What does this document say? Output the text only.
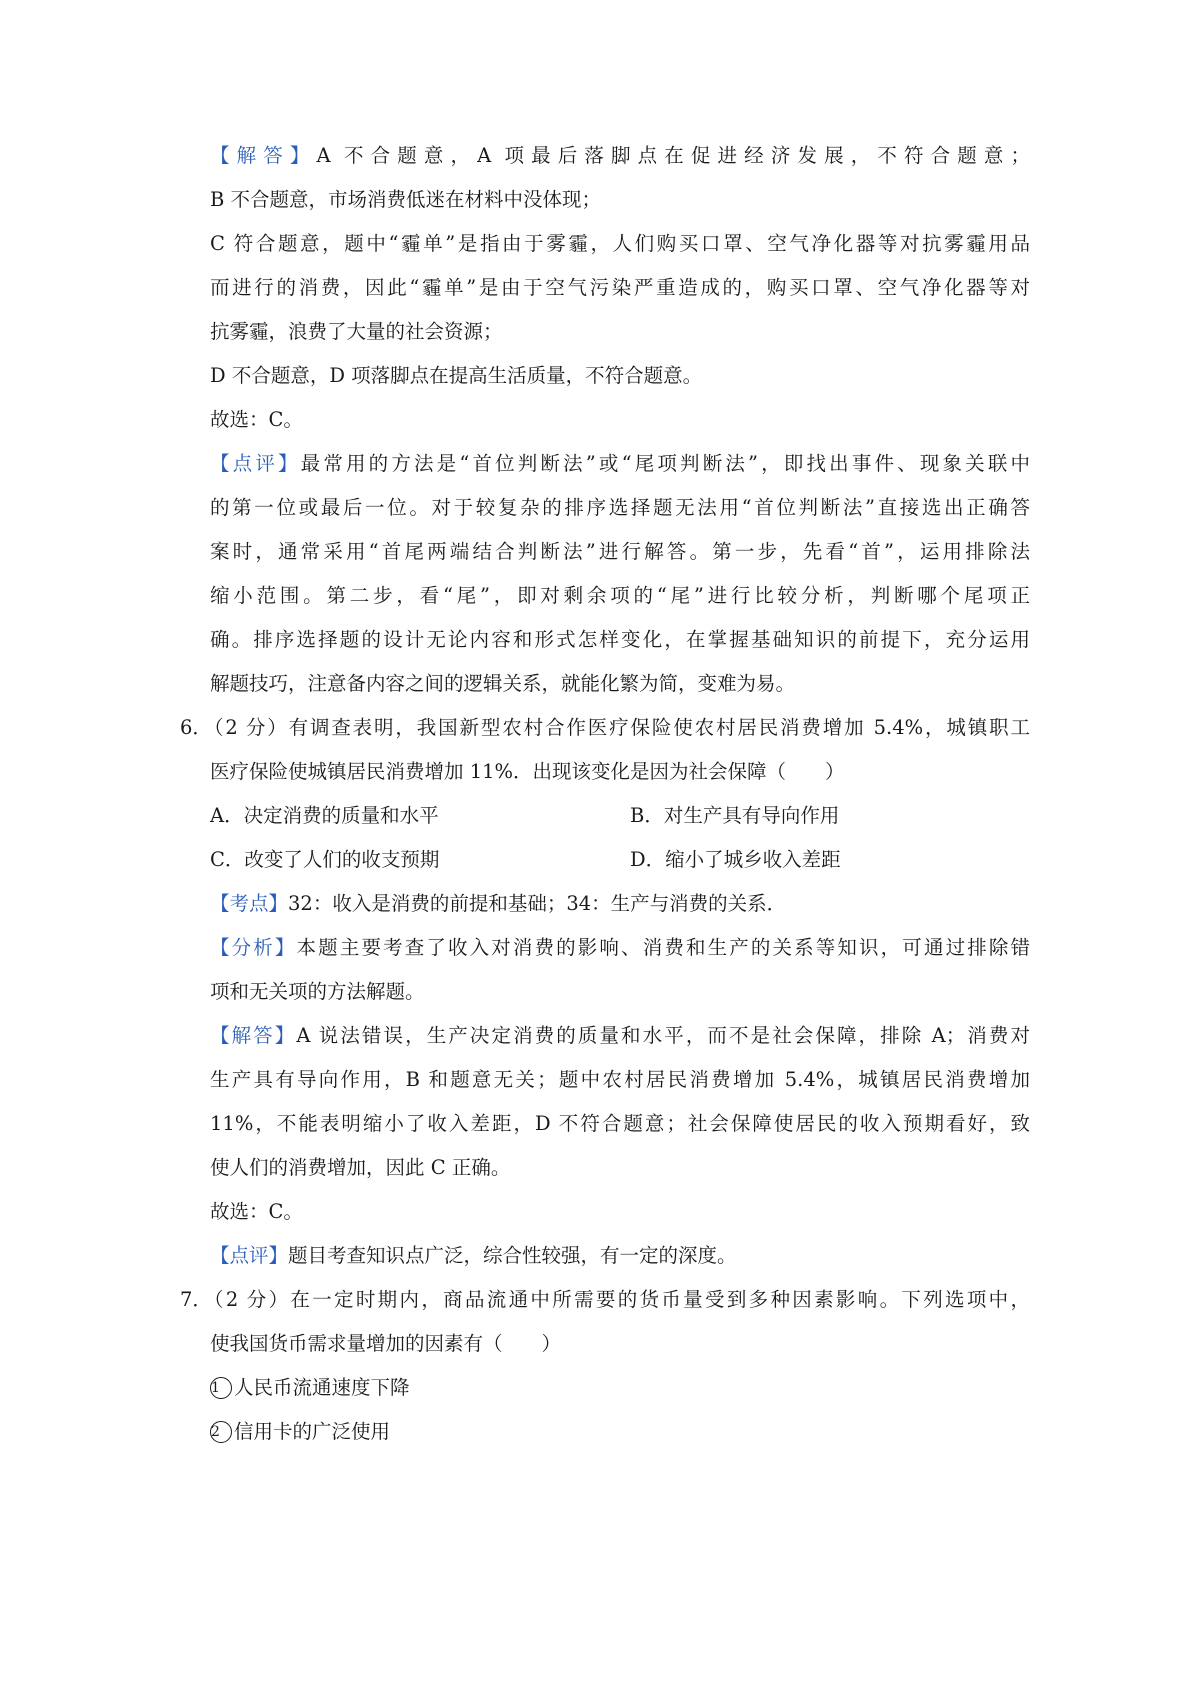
【解答】A 不合题意，A 项最后落脚点在促进经济发展，不符合题意；
B 不合题意，市场消费低迷在材料中没体现；
C 符合题意，题中“霾单”是指由于雾霾，人们购买口罩、空气净化器等对抗雾霾用品
而进行的消费，因此“霾单”是由于空气污染严重造成的，购买口罩、空气净化器等对
抗雾霾，浪费了大量的社会资源；
D 不合题意，D 项落脚点在提高生活质量，不符合题意。
故选：C。
【点评】最常用的方法是“首位判断法”或“尾项判断法”，即找出事件、现象关联中
的第一位或最后一位。对于较复杂的排序选择题无法用“首位判断法”直接选出正确答
案时，通常采用“首尾两端结合判断法”进行解答。第一步，先看“首”，运用排除法
缩小范围。第二步，看“尾”，即对剩余项的“尾”进行比较分析，判断哪个尾项正
确。排序选择题的设计无论内容和形式怎样变化，在掌握基础知识的前提下，充分运用
解题技巧，注意备内容之间的逻辑关系，就能化繁为简，变难为易。
6．
（2 分）有调查表明，我国新型农村合作医疗保险使农村居民消费增加 5.4%，城镇职工
医疗保险使城镇居民消费增加 11%．出现该变化是因为社会保障（　　）
A．决定消费的质量和水平	B．对生产具有导向作用
C．改变了人们的收支预期	D．缩小了城乡收入差距
【考点】32：收入是消费的前提和基础；34：生产与消费的关系．
【分析】本题主要考查了收入对消费的影响、消费和生产的关系等知识，可通过排除错
项和无关项的方法解题。
【解答】A 说法错误，生产决定消费的质量和水平，而不是社会保障，排除 A；消费对
生产具有导向作用，B 和题意无关；题中农村居民消费增加 5.4%，城镇居民消费增加
11%，不能表明缩小了收入差距，D 不符合题意；社会保障使居民的收入预期看好，致
使人们的消费增加，因此 C 正确。
故选：C。
【点评】题目考查知识点广泛，综合性较强，有一定的深度。
7．
（2 分）在一定时期内，商品流通中所需要的货币量受到多种因素影响。下列选项中，
使我国货币需求量增加的因素有（　　）
1 人民币流通速度下降
2 信用卡的广泛使用
